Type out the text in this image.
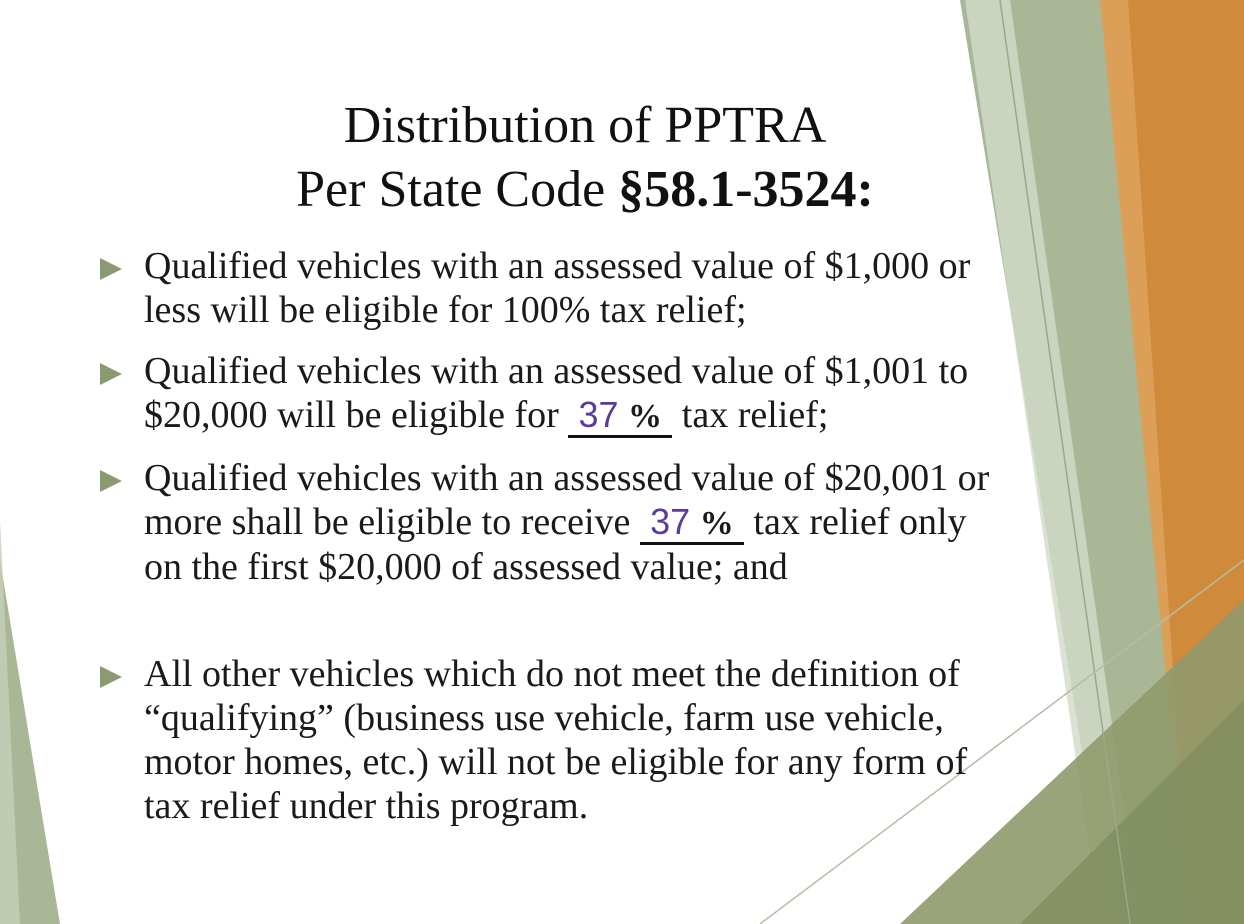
Distribution of PPTRA
Per State Code §58.1-3524:
Qualified vehicles with an assessed value of $1,000 or less will be eligible for 100% tax relief;
Qualified vehicles with an assessed value of $1,001 to $20,000 will be eligible for 37 % tax relief;
Qualified vehicles with an assessed value of $20,001 or more shall be eligible to receive 37 % tax relief only on the first $20,000 of assessed value; and
All other vehicles which do not meet the definition of “qualifying” (business use vehicle, farm use vehicle, motor homes, etc.) will not be eligible for any form of tax relief under this program.
